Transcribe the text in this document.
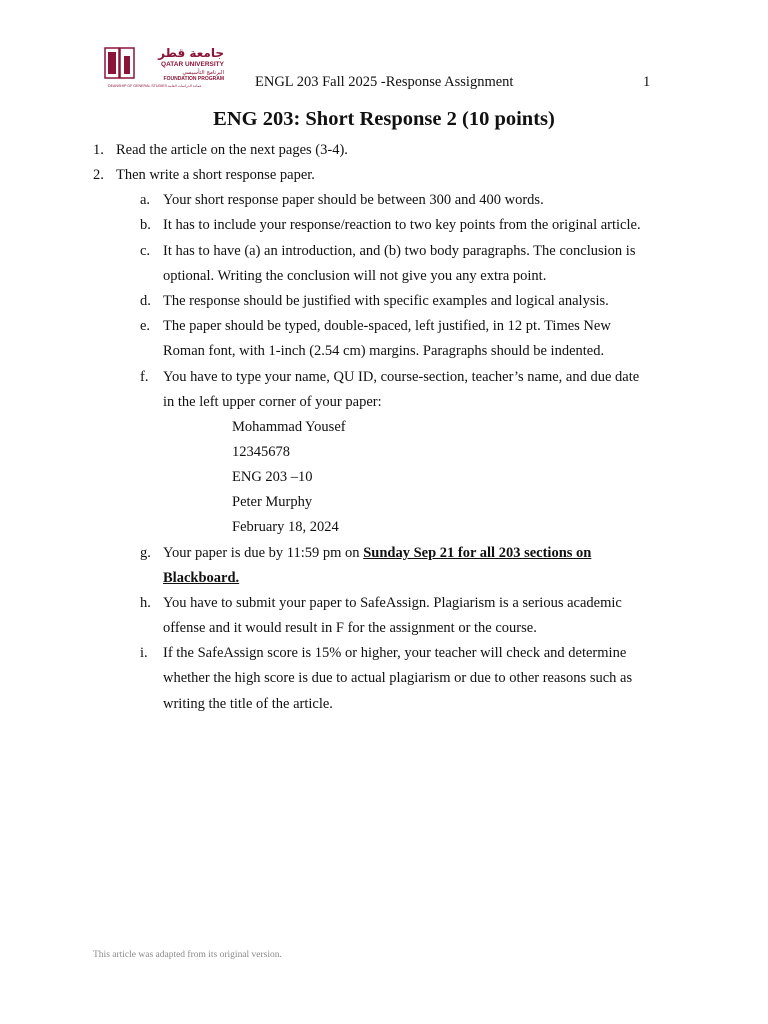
جامعة قطر
QATAR UNIVERSITY
البرنامج التأسيسي
FOUNDATION PROGRAM
DEANSHIP OF GENERAL STUDIES عمادة الدراسات العامة	ENGL 203 Fall 2025 -Response Assignment	1
ENG 203: Short Response 2 (10 points)
1. Read the article on the next pages (3-4).
2. Then write a short response paper.
a. Your short response paper should be between 300 and 400 words.
b. It has to include your response/reaction to two key points from the original article.
c. It has to have (a) an introduction, and (b) two body paragraphs. The conclusion is
optional. Writing the conclusion will not give you any extra point.
d. The response should be justified with specific examples and logical analysis.
e. The paper should be typed, double-spaced, left justified, in 12 pt. Times New
Roman font, with 1-inch (2.54 cm) margins. Paragraphs should be indented.
f. You have to type your name, QU ID, course-section, teacher’s name, and due date
in the left upper corner of your paper:
Mohammad Yousef
12345678
ENG 203 –10
Peter Murphy
February 18, 2024
g. Your paper is due by 11:59 pm on Sunday Sep 21 for all 203 sections on
Blackboard.
h. You have to submit your paper to SafeAssign. Plagiarism is a serious academic
offense and it would result in F for the assignment or the course.
i. If the SafeAssign score is 15% or higher, your teacher will check and determine
whether the high score is due to actual plagiarism or due to other reasons such as
writing the title of the article.
This article was adapted from its original version.
